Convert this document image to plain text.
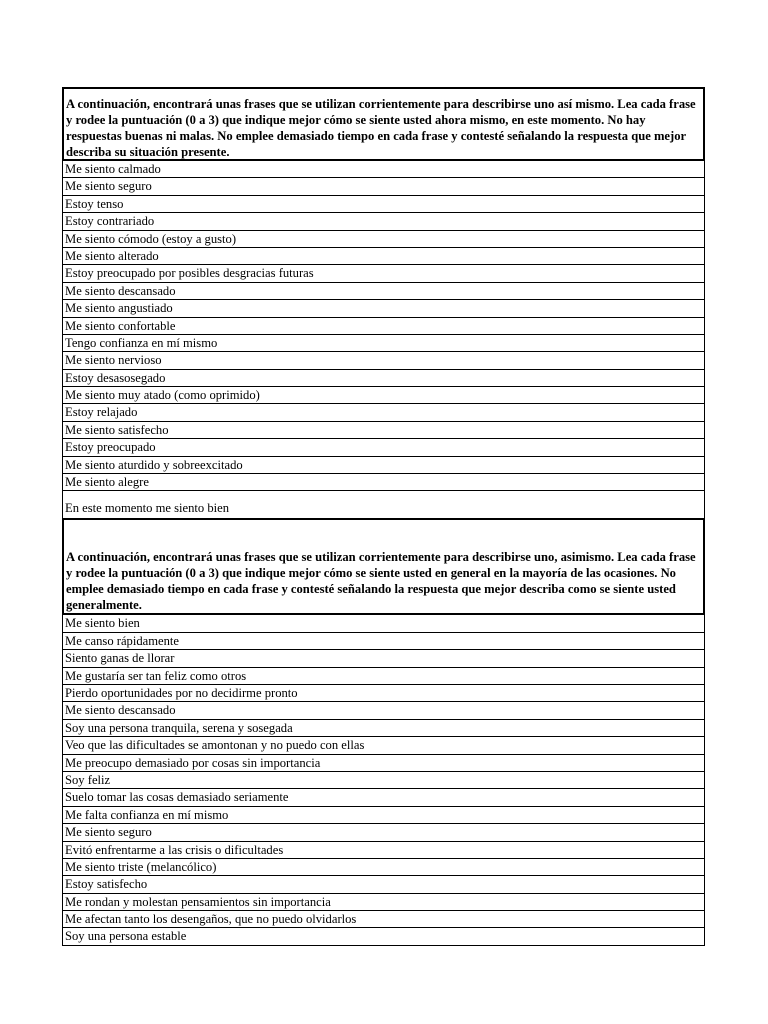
A continuación, encontrará unas frases que se utilizan corrientemente para describirse uno así mismo. Lea cada frase y rodee la puntuación (0 a 3) que indique mejor cómo se siente usted ahora mismo, en este momento. No hay respuestas buenas ni malas. No emplee demasiado tiempo en cada frase y contesté señalando la respuesta que mejor describa su situación presente.
Me siento calmado
Me siento seguro
Estoy tenso
Estoy contrariado
Me siento cómodo (estoy a gusto)
Me siento alterado
Estoy preocupado por posibles desgracias futuras
Me siento descansado
Me siento angustiado
Me siento confortable
Tengo confianza en mí mismo
Me siento nervioso
Estoy desasosegado
Me siento muy atado (como oprimido)
Estoy relajado
Me siento satisfecho
Estoy preocupado
Me siento aturdido y sobreexcitado
Me siento alegre
En este momento me siento bien
A continuación, encontrará unas frases que se utilizan corrientemente para describirse uno, asimismo. Lea cada frase y rodee la puntuación (0 a 3) que indique mejor cómo se siente usted en general en la mayoría de las ocasiones. No emplee demasiado tiempo en cada frase y contesté señalando la respuesta que mejor describa como se siente usted generalmente.
Me siento bien
Me canso rápidamente
Siento ganas de llorar
Me gustaría ser tan feliz como otros
Pierdo oportunidades por no decidirme pronto
Me siento descansado
Soy una persona tranquila, serena y sosegada
Veo que las dificultades se amontonan y no puedo con ellas
Me preocupo demasiado por cosas sin importancia
Soy feliz
Suelo tomar las cosas demasiado seriamente
Me falta confianza en mí mismo
Me siento seguro
Evitó enfrentarme a las crisis o dificultades
Me siento triste (melancólico)
Estoy satisfecho
Me rondan y molestan pensamientos sin importancia
Me afectan tanto los desengaños, que no puedo olvidarlos
Soy una persona estable
